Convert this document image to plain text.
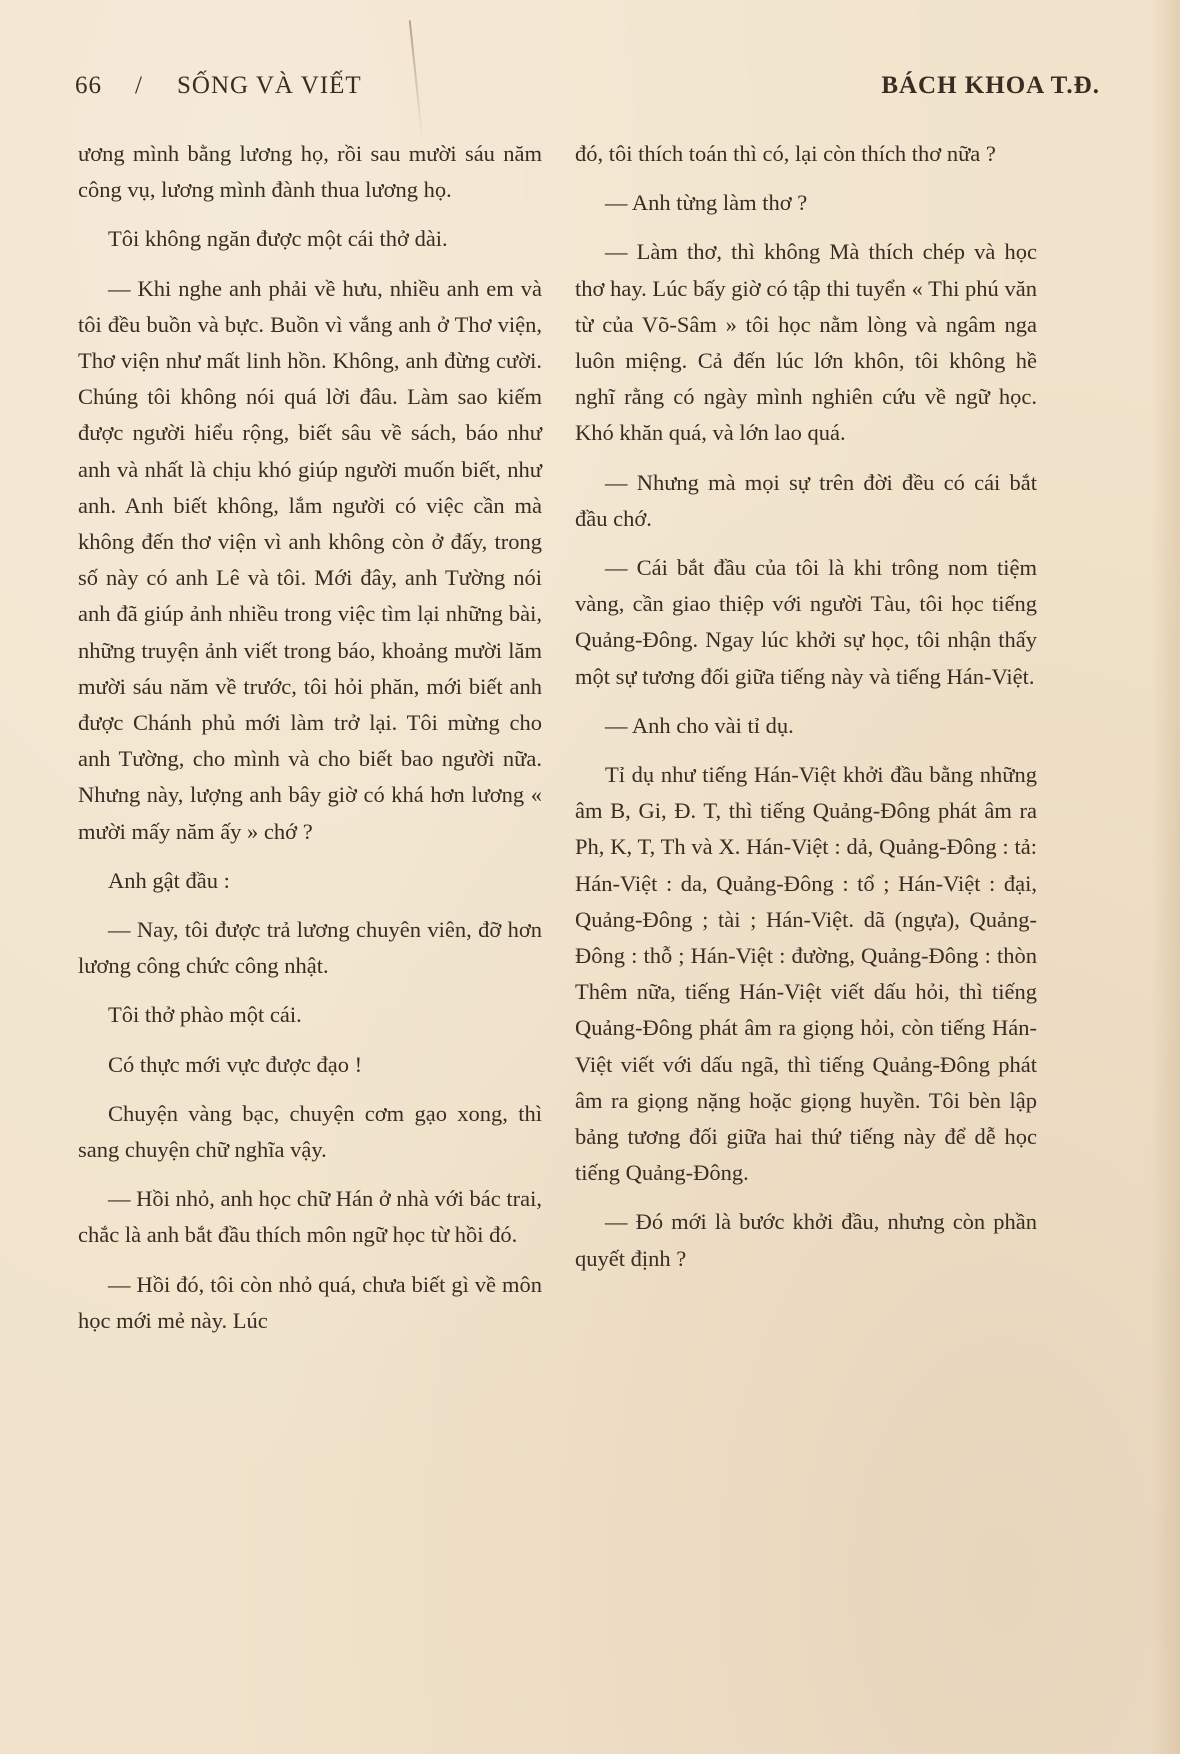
66 / SỐNG VÀ VIẾT	BÁCH KHOA T.Đ.

ương mình bằng lương họ, rồi sau mười sáu năm công vụ, lương mình đành thua lương họ.

Tôi không ngăn được một cái thở dài.

— Khi nghe anh phải về hưu, nhiều anh em và tôi đều buồn và bực. Buồn vì vắng anh ở Thơ viện, Thơ viện như mất linh hồn. Không, anh đừng cười. Chúng tôi không nói quá lời đâu. Làm sao kiếm được người hiểu rộng, biết sâu về sách, báo như anh và nhất là chịu khó giúp người muốn biết, như anh. Anh biết không, lắm người có việc cần mà không đến thơ viện vì anh không còn ở đấy, trong số này có anh Lê và tôi. Mới đây, anh Tường nói anh đã giúp ảnh nhiều trong việc tìm lại những bài, những truyện ảnh viết trong báo, khoảng mười lăm mười sáu năm về trước, tôi hỏi phăn, mới biết anh được Chánh phủ mới làm trở lại. Tôi mừng cho anh Tường, cho mình và cho biết bao người nữa. Nhưng này, lượng anh bây giờ có khá hơn lương « mười mấy năm ấy » chớ ?

Anh gật đầu :

— Nay, tôi được trả lương chuyên viên, đỡ hơn lương công chức công nhật.

Tôi thở phào một cái.

Có thực mới vực được đạo !

Chuyện vàng bạc, chuyện cơm gạo xong, thì sang chuyện chữ nghĩa vậy.

— Hồi nhỏ, anh học chữ Hán ở nhà với bác trai, chắc là anh bắt đầu thích môn ngữ học từ hồi đó.

— Hồi đó, tôi còn nhỏ quá, chưa biết gì về môn học mới mẻ này. Lúc

đó, tôi thích toán thì có, lại còn thích thơ nữa ?

— Anh từng làm thơ ?

— Làm thơ, thì không Mà thích chép và học thơ hay. Lúc bấy giờ có tập thi tuyển « Thi phú văn từ của Võ-Sâm » tôi học nằm lòng và ngâm nga luôn miệng. Cả đến lúc lớn khôn, tôi không hề nghĩ rằng có ngày mình nghiên cứu về ngữ học. Khó khăn quá, và lớn lao quá.

— Nhưng mà mọi sự trên đời đều có cái bắt đầu chớ.

— Cái bắt đầu của tôi là khi trông nom tiệm vàng, cần giao thiệp với người Tàu, tôi học tiếng Quảng-Đông. Ngay lúc khởi sự học, tôi nhận thấy một sự tương đối giữa tiếng này và tiếng Hán-Việt.

— Anh cho vài tỉ dụ.

Tỉ dụ như tiếng Hán-Việt khởi đầu bằng những âm B, Gi, Đ. T, thì tiếng Quảng-Đông phát âm ra Ph, K, T, Th và X. Hán-Việt : dả, Quảng-Đông : tả: Hán-Việt : da, Quảng-Đông : tổ ; Hán-Việt : đại, Quảng-Đông ; tài ; Hán-Việt. dã (ngựa), Quảng-Đông : thỗ ; Hán-Việt : đường, Quảng-Đông : thòn Thêm nữa, tiếng Hán-Việt viết dấu hỏi, thì tiếng Quảng-Đông phát âm ra giọng hỏi, còn tiếng Hán-Việt viết với dấu ngã, thì tiếng Quảng-Đông phát âm ra giọng nặng hoặc giọng huyền. Tôi bèn lập bảng tương đối giữa hai thứ tiếng này để dễ học tiếng Quảng-Đông.

— Đó mới là bước khởi đầu, nhưng còn phần quyết định ?
